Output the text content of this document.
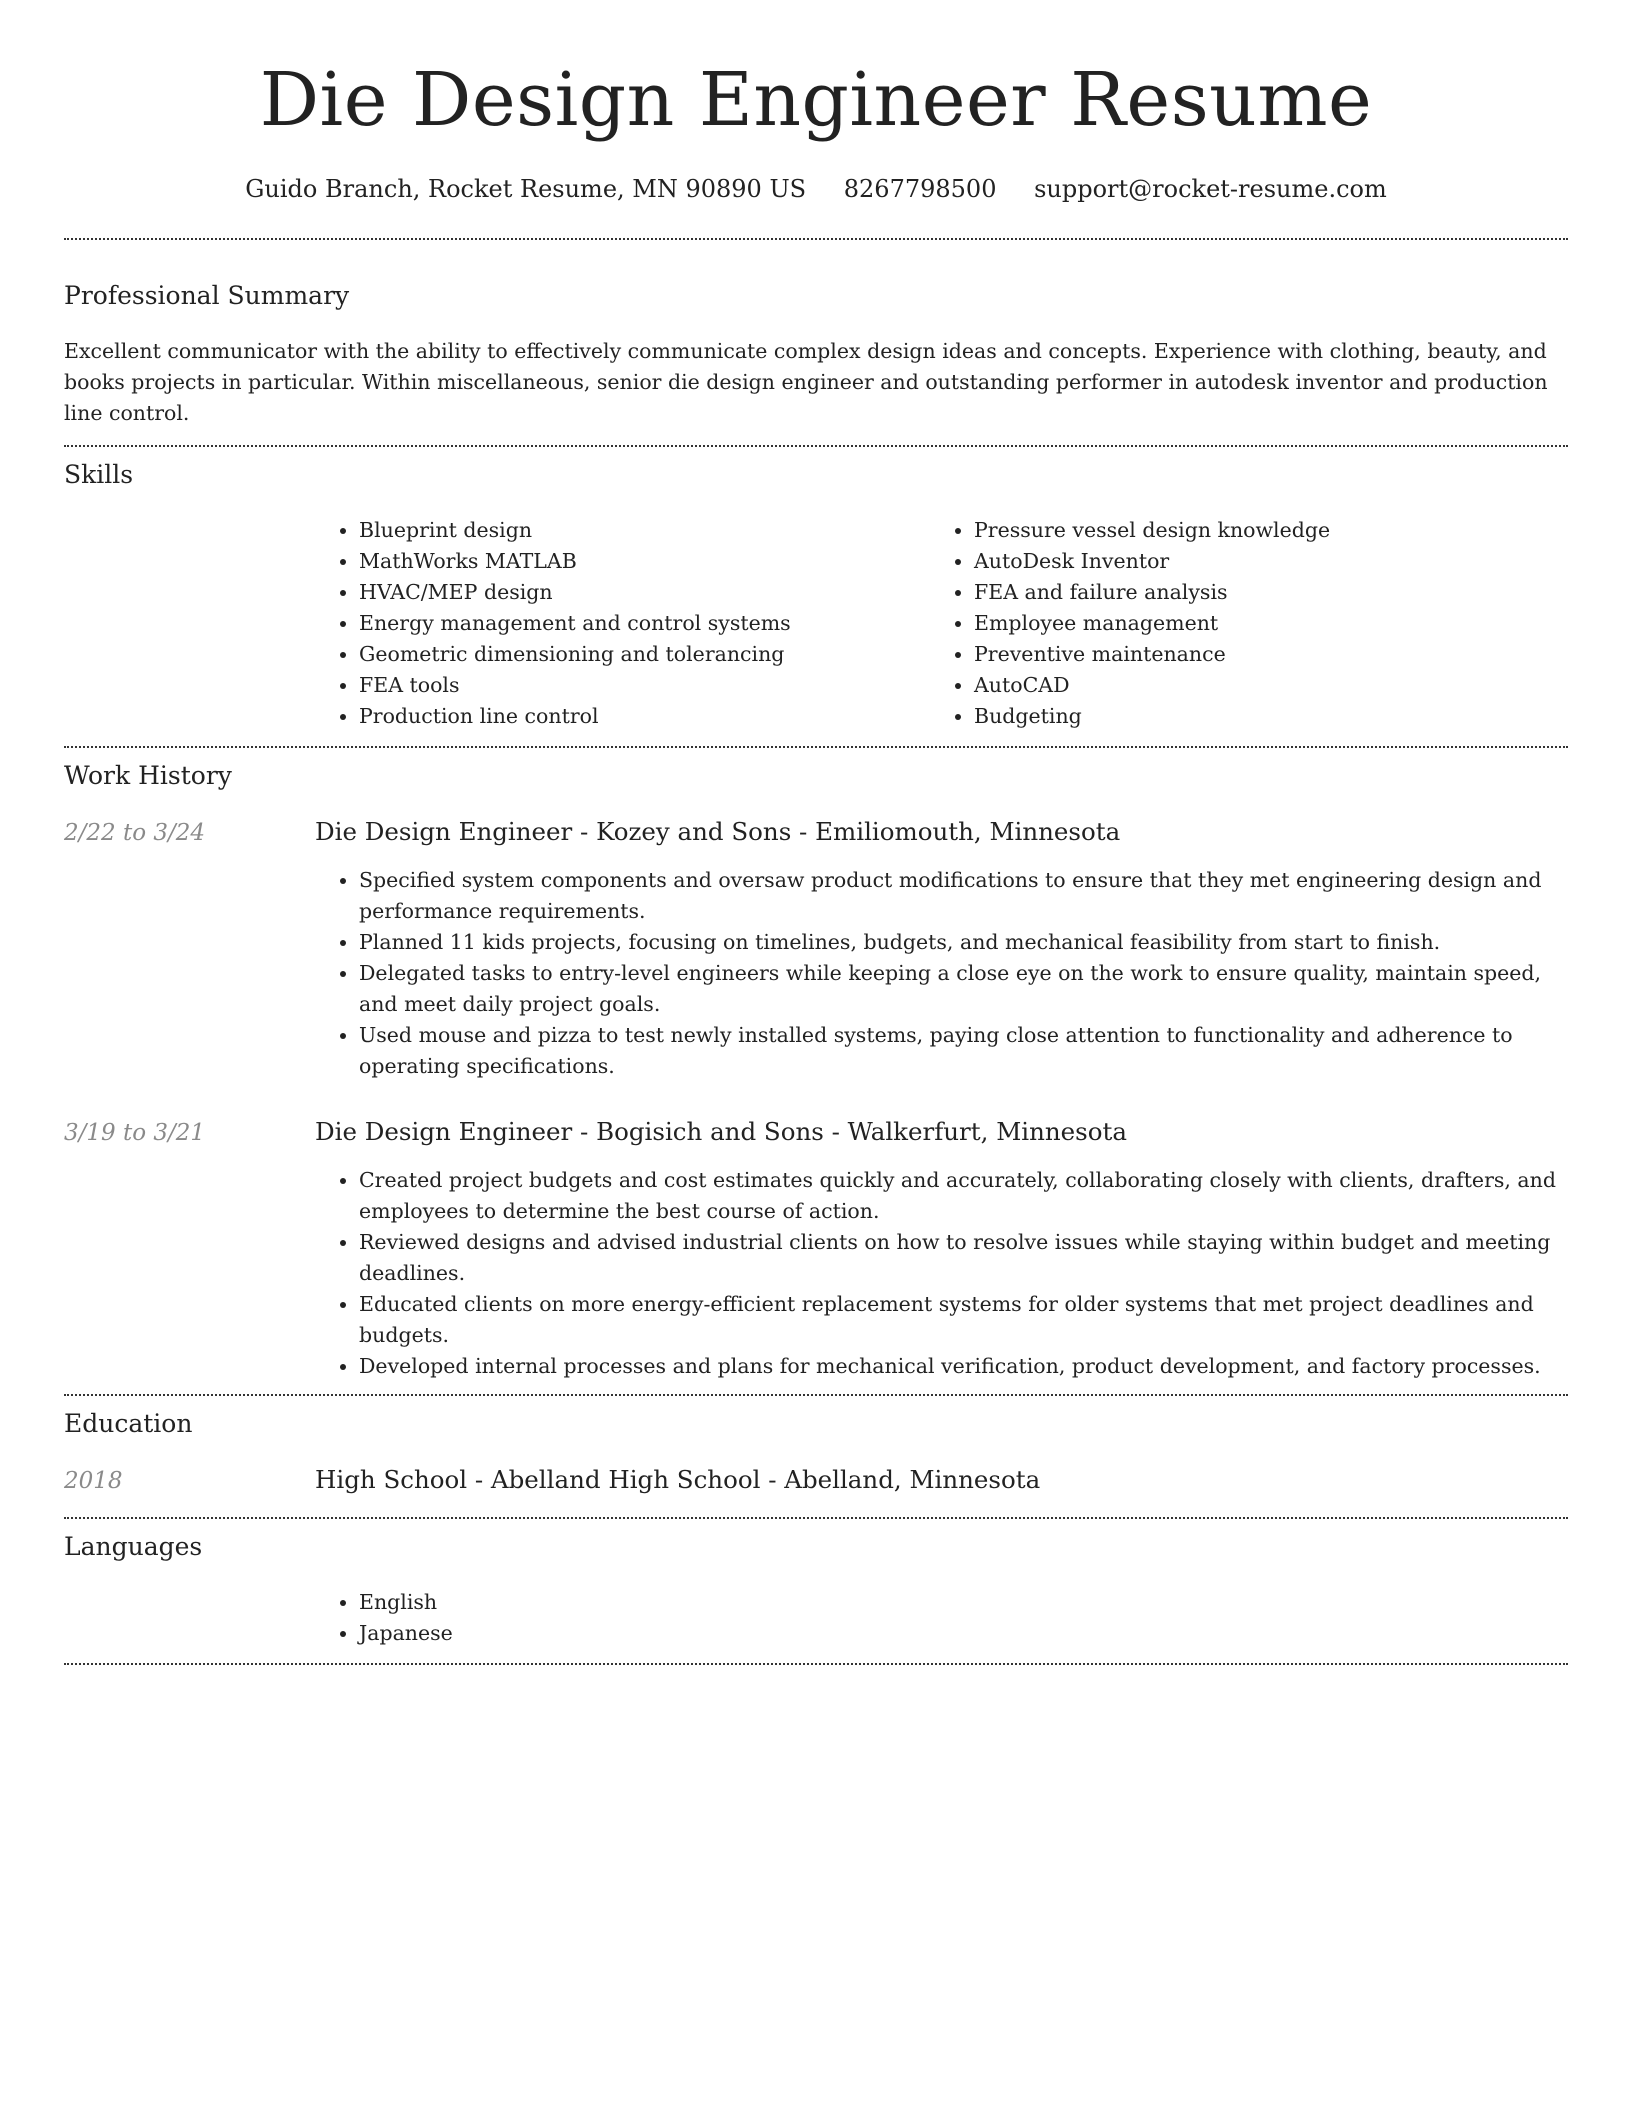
Die Design Engineer Resume
Guido Branch, Rocket Resume, MN 90890 US 8267798500 support@rocket-resume.com
Professional Summary

Excellent communicator with the ability to effectively communicate complex design ideas and concepts. Experience with clothing, beauty, and books projects in particular. Within miscellaneous, senior die design engineer and outstanding performer in autodesk inventor and production line control.

Skills
• Blueprint design
• MathWorks MATLAB
• HVAC/MEP design
• Energy management and control systems
• Geometric dimensioning and tolerancing
• FEA tools
• Production line control
• Pressure vessel design knowledge
• AutoDesk Inventor
• FEA and failure analysis
• Employee management
• Preventive maintenance
• AutoCAD
• Budgeting
Work History
2/22 to 3/24	Die Design Engineer - Kozey and Sons - Emiliomouth, Minnesota
• Specified system components and oversaw product modifications to ensure that they met engineering design and performance requirements.
• Planned 11 kids projects, focusing on timelines, budgets, and mechanical feasibility from start to finish.
• Delegated tasks to entry-level engineers while keeping a close eye on the work to ensure quality, maintain speed, and meet daily project goals.
• Used mouse and pizza to test newly installed systems, paying close attention to functionality and adherence to operating specifications.
3/19 to 3/21	Die Design Engineer - Bogisich and Sons - Walkerfurt, Minnesota
• Created project budgets and cost estimates quickly and accurately, collaborating closely with clients, drafters, and employees to determine the best course of action.
• Reviewed designs and advised industrial clients on how to resolve issues while staying within budget and meeting deadlines.
• Educated clients on more energy-efficient replacement systems for older systems that met project deadlines and budgets.
• Developed internal processes and plans for mechanical verification, product development, and factory processes.
Education
2018	High School - Abelland High School - Abelland, Minnesota
Languages
• English
• Japanese
